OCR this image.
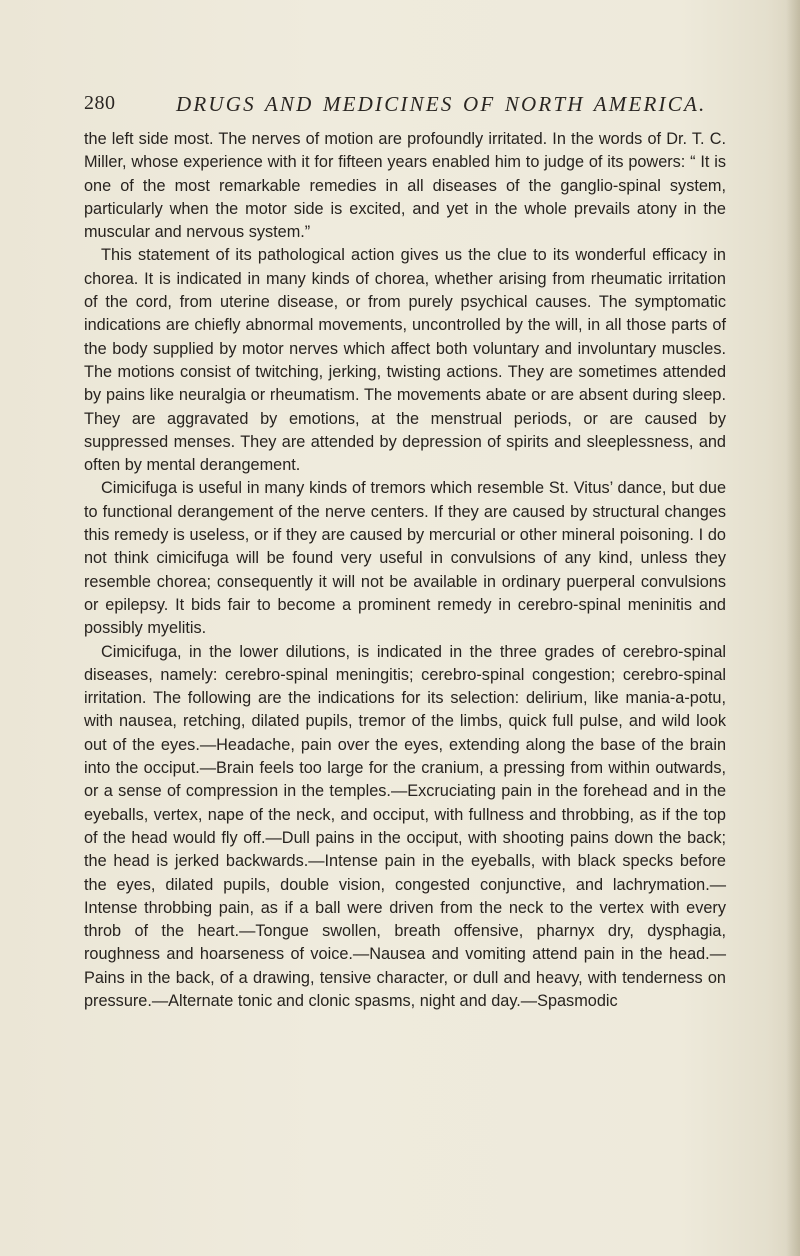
280	DRUGS AND MEDICINES OF NORTH AMERICA.

the left side most. The nerves of motion are profoundly irritated. In the words of Dr. T. C. Miller, whose experience with it for fifteen years enabled him to judge of its powers: “ It is one of the most remarkable remedies in all diseases of the ganglio-spinal system, particularly when the motor side is excited, and yet in the whole prevails atony in the muscular and nervous system.”

This statement of its pathological action gives us the clue to its wonderful efficacy in chorea. It is indicated in many kinds of chorea, whether arising from rheumatic irritation of the cord, from uterine disease, or from purely psychical causes. The symptomatic indications are chiefly abnormal movements, uncontrolled by the will, in all those parts of the body supplied by motor nerves which affect both voluntary and involuntary muscles. The motions consist of twitching, jerking, twisting actions. They are sometimes attended by pains like neuralgia or rheumatism. The movements abate or are absent during sleep. They are aggravated by emotions, at the menstrual periods, or are caused by suppressed menses. They are attended by depression of spirits and sleeplessness, and often by mental derangement.

Cimicifuga is useful in many kinds of tremors which resemble St. Vitus’ dance, but due to functional derangement of the nerve centers. If they are caused by structural changes this remedy is useless, or if they are caused by mercurial or other mineral poisoning. I do not think cimicifuga will be found very useful in convulsions of any kind, unless they resemble chorea; consequently it will not be available in ordinary puerperal convulsions or epilepsy. It bids fair to become a prominent remedy in cerebro-spinal meninitis and possibly myelitis.

Cimicifuga, in the lower dilutions, is indicated in the three grades of cerebro-spinal diseases, namely: cerebro-spinal meningitis; cerebro-spinal congestion; cerebro-spinal irritation. The following are the indications for its selection: delirium, like mania-a-potu, with nausea, retching, dilated pupils, tremor of the limbs, quick full pulse, and wild look out of the eyes.—Headache, pain over the eyes, extending along the base of the brain into the occiput.—Brain feels too large for the cranium, a pressing from within outwards, or a sense of compression in the temples.—Excruciating pain in the forehead and in the eyeballs, vertex, nape of the neck, and occiput, with fullness and throbbing, as if the top of the head would fly off.—Dull pains in the occiput, with shooting pains down the back; the head is jerked backwards.—Intense pain in the eyeballs, with black specks before the eyes, dilated pupils, double vision, congested conjunctive, and lachrymation.—Intense throbbing pain, as if a ball were driven from the neck to the vertex with every throb of the heart.—Tongue swollen, breath offensive, pharnyx dry, dysphagia, roughness and hoarseness of voice.—Nausea and vomiting attend pain in the head.—Pains in the back, of a drawing, tensive character, or dull and heavy, with tenderness on pressure.—Alternate tonic and clonic spasms, night and day.—Spasmodic
